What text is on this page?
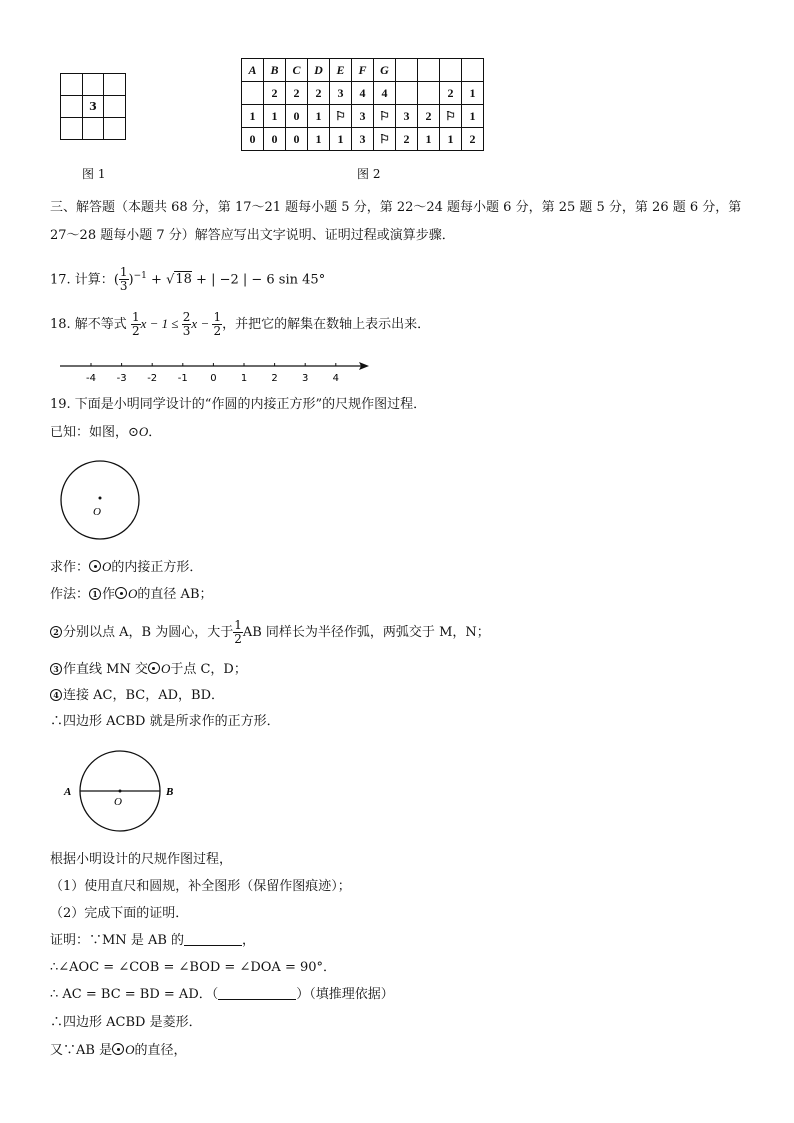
	3	

图 1
A	B	C	D	E	F	G				
	2	2	2	3	4	4			2	1
1	1	0	1	⚐	3	⚐	3	2	⚐	1
0	0	0	1	1	3	⚐	2	1	1	2
图 2
三、解答题（本题共 68 分，第 17～21 题每小题 5 分，第 22～24 题每小题 6 分，第 25 题 5 分，第 26 题 6 分，第
27～28 题每小题 7 分）解答应写出文字说明、证明过程或演算步骤．
17. 计算：( $\frac{1}{3} )^{-1} + √18$ + | −2 | − 6 sin 45°
18. 解不等式 $\frac{1}{2}$ $x - 1 \le \frac{2}{3}$ $x - \frac{1}{2}$ ，并把它的解集在数轴上表示出来．
-4 -3 -2 -1 0 1 2 3 4
19. 下面是小明同学设计的“作圆的内接正方形”的尺规作图过程．
已知：如图，⊙O．
O
求作： O的内接正方形．
作法： 1 作 O的直径 AB；
2 分别以点 A，B 为圆心，大于 $\frac{1}{2}$ AB 同样长为半径作弧，两弧交于 M，N；
3 作直线 MN 交 O于点 C，D；
4 连接 AC，BC，AD，BD．
∴四边形 ACBD 就是所求作的正方形．
A	B
O
根据小明设计的尺规作图过程，
（1）使用直尺和圆规，补全图形（保留作图痕迹）；
（2）完成下面的证明．
证明：∵MN 是 AB 的	，
∴∠AOC = ∠COB = ∠BOD = ∠DOA = 90°．
∴ AC = BC = BD = AD．（	）（填推理依据）
∴四边形 ACBD 是菱形．
又∵AB 是 O的直径，
